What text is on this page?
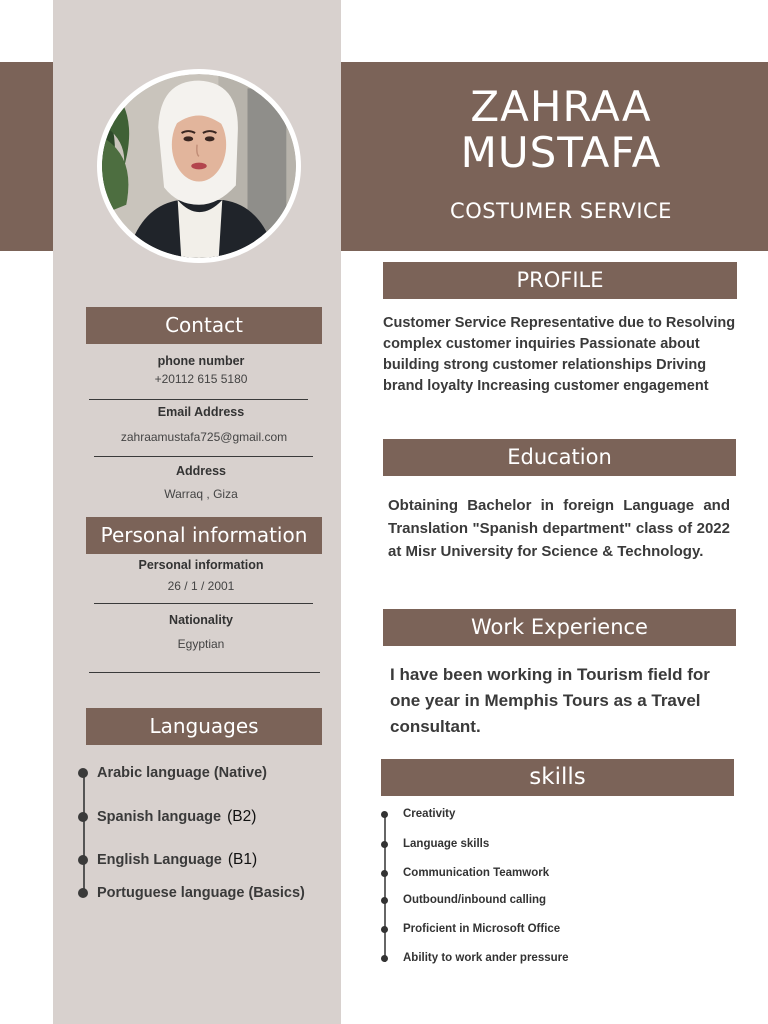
ZAHRAA
MUSTAFA
COSTUMER SERVICE
Contact
phone number
+20112 615 5180
Email Address
zahraamustafa725@gmail.com
Address
Warraq , Giza
Personal information
Personal information
26 / 1 / 2001
Nationality
Egyptian
Languages
Arabic language (Native)
Spanish language (B2)
English Language (B1)
Portuguese language (Basics)
PROFILE
Customer Service Representative due to Resolving complex customer inquiries Passionate about building strong customer relationships Driving brand loyalty Increasing customer engagement
Education
Obtaining Bachelor in foreign Language and Translation "Spanish department" class of 2022 at Misr University for Science & Technology.
Work Experience
I have been working in Tourism field for one year in Memphis Tours as a Travel consultant.
skills
Creativity
Language skills
Communication Teamwork
Outbound/inbound calling
Proficient in Microsoft Office
Ability to work ander pressure
